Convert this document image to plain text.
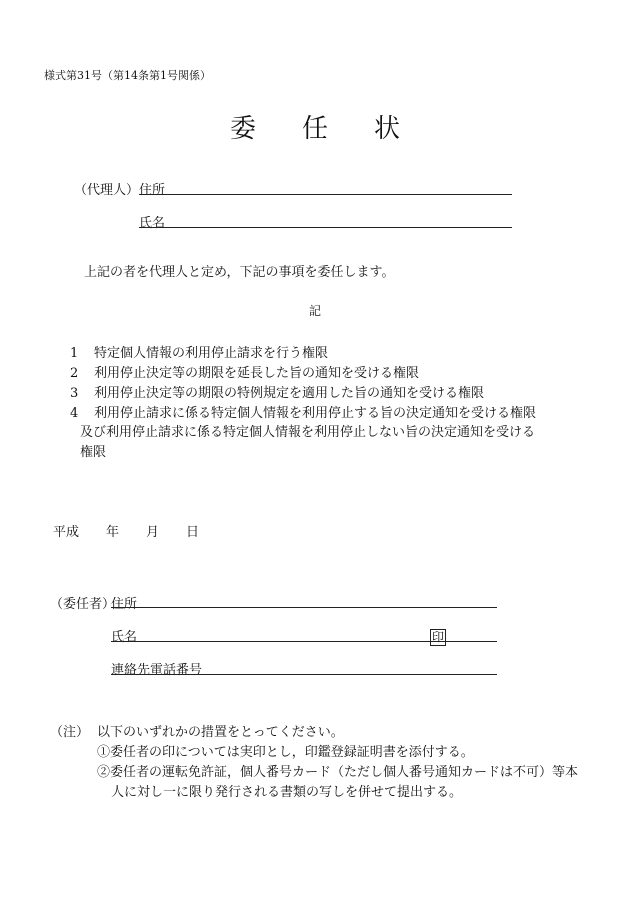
様式第31号（第14条第1号関係）
委任状
（代理人） 住所
氏名
上記の者を代理人と定め，下記の事項を委任します。
記
1 特定個人情報の利用停止請求を行う権限
2 利用停止決定等の期限を延長した旨の通知を受ける権限
3 利用停止決定等の期限の特例規定を適用した旨の通知を受ける権限
4 利用停止請求に係る特定個人情報を利用停止する旨の決定通知を受ける権限
及び利用停止請求に係る特定個人情報を利用停止しない旨の決定通知を受ける
権限
平成 年 月 日
（委任者）
住所
氏名	印
連絡先電話番号
（注） 以下のいずれかの措置をとってください。
①委任者の印については実印とし，印鑑登録証明書を添付する。
②委任者の運転免許証，個人番号カード（ただし個人番号通知カードは不可）等本
人に対し一に限り発行される書類の写しを併せて提出する。
